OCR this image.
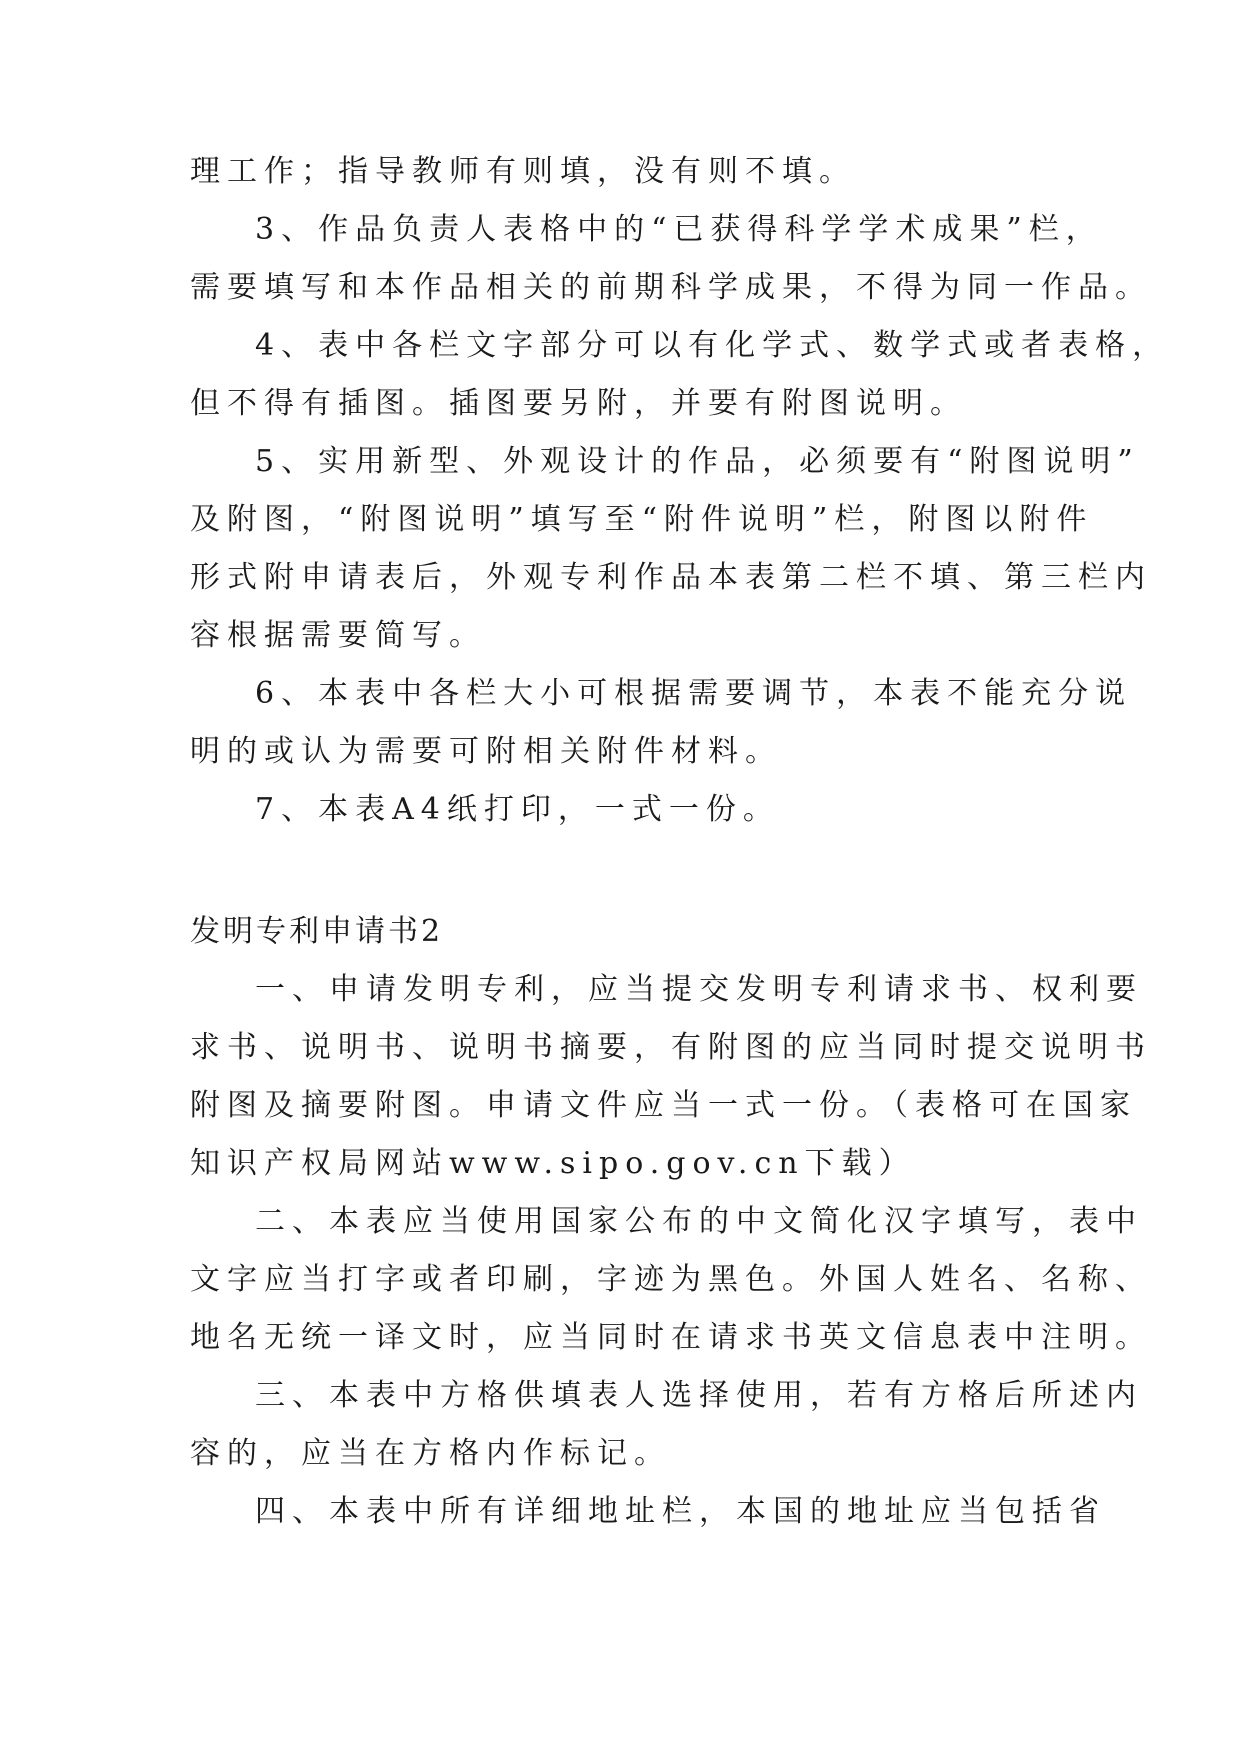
理工作；指导教师有则填，没有则不填。
3、作品负责人表格中的“已获得科学学术成果”栏，
需要填写和本作品相关的前期科学成果，不得为同一作品。
4、表中各栏文字部分可以有化学式、数学式或者表格，
但不得有插图。插图要另附，并要有附图说明。
5、实用新型、外观设计的作品，必须要有“附图说明”
及附图，“附图说明”填写至“附件说明”栏，附图以附件
形式附申请表后，外观专利作品本表第二栏不填、第三栏内
容根据需要简写。
6、本表中各栏大小可根据需要调节，本表不能充分说
明的或认为需要可附相关附件材料。
7、本表A4纸打印，一式一份。
发明专利申请书2
一、申请发明专利，应当提交发明专利请求书、权利要
求书、说明书、说明书摘要，有附图的应当同时提交说明书
附图及摘要附图。申请文件应当一式一份。（表格可在国家
知识产权局网站www.sipo.gov.cn下载）
二、本表应当使用国家公布的中文简化汉字填写，表中
文字应当打字或者印刷，字迹为黑色。外国人姓名、名称、
地名无统一译文时，应当同时在请求书英文信息表中注明。
三、本表中方格供填表人选择使用，若有方格后所述内
容的，应当在方格内作标记。
四、本表中所有详细地址栏，本国的地址应当包括省
